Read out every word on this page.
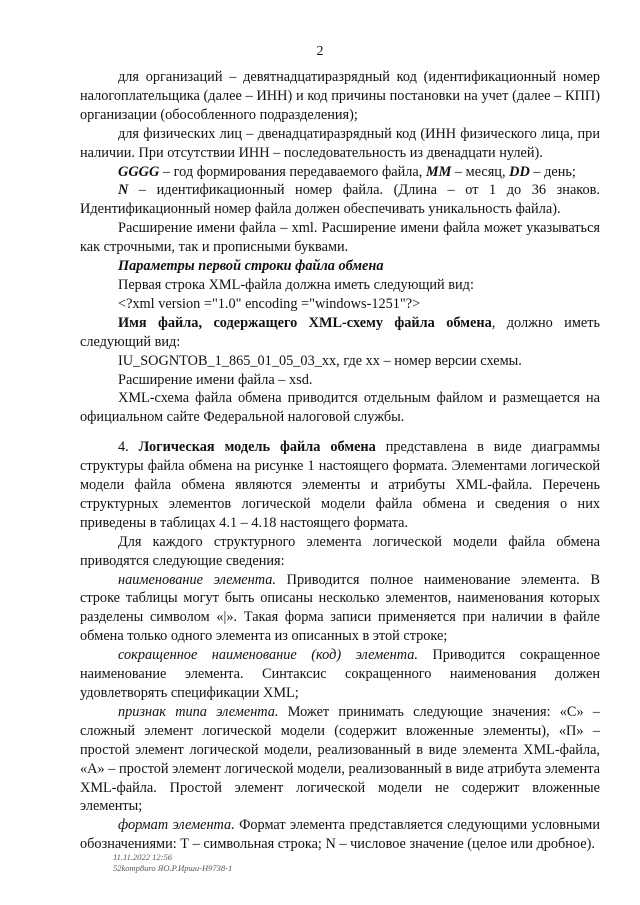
2

для организаций – девятнадцатиразрядный код (идентификационный номер налогоплательщика (далее – ИНН) и код причины постановки на учет (далее – КПП) организации (обособленного подразделения);

для физических лиц – двенадцатиразрядный код (ИНН физического лица, при наличии. При отсутствии ИНН – последовательность из двенадцати нулей).

GGGG – год формирования передаваемого файла, MM – месяц, DD – день;

N – идентификационный номер файла. (Длина – от 1 до 36 знаков. Идентификационный номер файла должен обеспечивать уникальность файла).

Расширение имени файла – xml. Расширение имени файла может указываться как строчными, так и прописными буквами.

Параметры первой строки файла обмена

Первая строка XML-файла должна иметь следующий вид:

<?xml version ="1.0" encoding ="windows-1251"?>

Имя файла, содержащего XML-схему файла обмена, должно иметь следующий вид:

IU_SOGNTOB_1_865_01_05_03_xx, где хх – номер версии схемы.

Расширение имени файла – xsd.

XML-схема файла обмена приводится отдельным файлом и размещается на официальном сайте Федеральной налоговой службы.

4. Логическая модель файла обмена представлена в виде диаграммы структуры файла обмена на рисунке 1 настоящего формата. Элементами логической модели файла обмена являются элементы и атрибуты XML-файла. Перечень структурных элементов логической модели файла обмена и сведения о них приведены в таблицах 4.1 – 4.18 настоящего формата.

Для каждого структурного элемента логической модели файла обмена приводятся следующие сведения:

наименование элемента. Приводится полное наименование элемента. В строке таблицы могут быть описаны несколько элементов, наименования которых разделены символом «|». Такая форма записи применяется при наличии в файле обмена только одного элемента из описанных в этой строке;

сокращенное наименование (код) элемента. Приводится сокращенное наименование элемента. Синтаксис сокращенного наименования должен удовлетворять спецификации XML;

признак типа элемента. Может принимать следующие значения: «С» – сложный элемент логической модели (содержит вложенные элементы), «П» – простой элемент логической модели, реализованный в виде элемента XML-файла, «А» – простой элемент логической модели, реализованный в виде атрибута элемента XML-файла. Простой элемент логической модели не содержит вложенные элементы;

формат элемента. Формат элемента представляется следующими условными обозначениями: Т – символьная строка; N – числовое значение (целое или дробное).

11.11.2022 12:56
52komp8uro ЯО.Р.Ирши-Н9738-1
